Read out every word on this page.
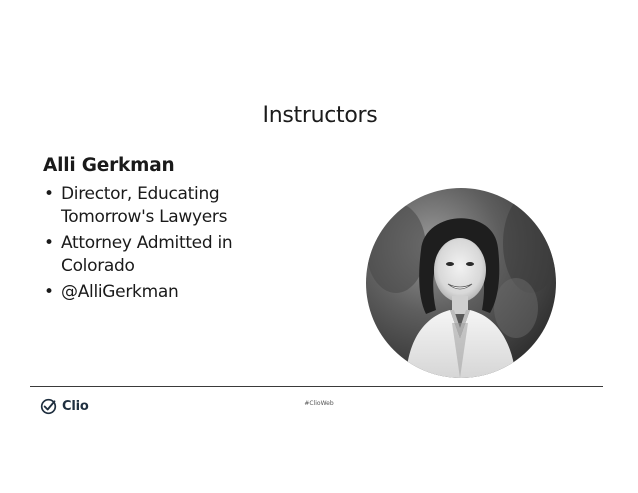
Instructors
Alli Gerkman
• Director, Educating Tomorrow's Lawyers
• Attorney Admitted in Colorado
• @AlliGerkman
Clio	#ClioWeb
